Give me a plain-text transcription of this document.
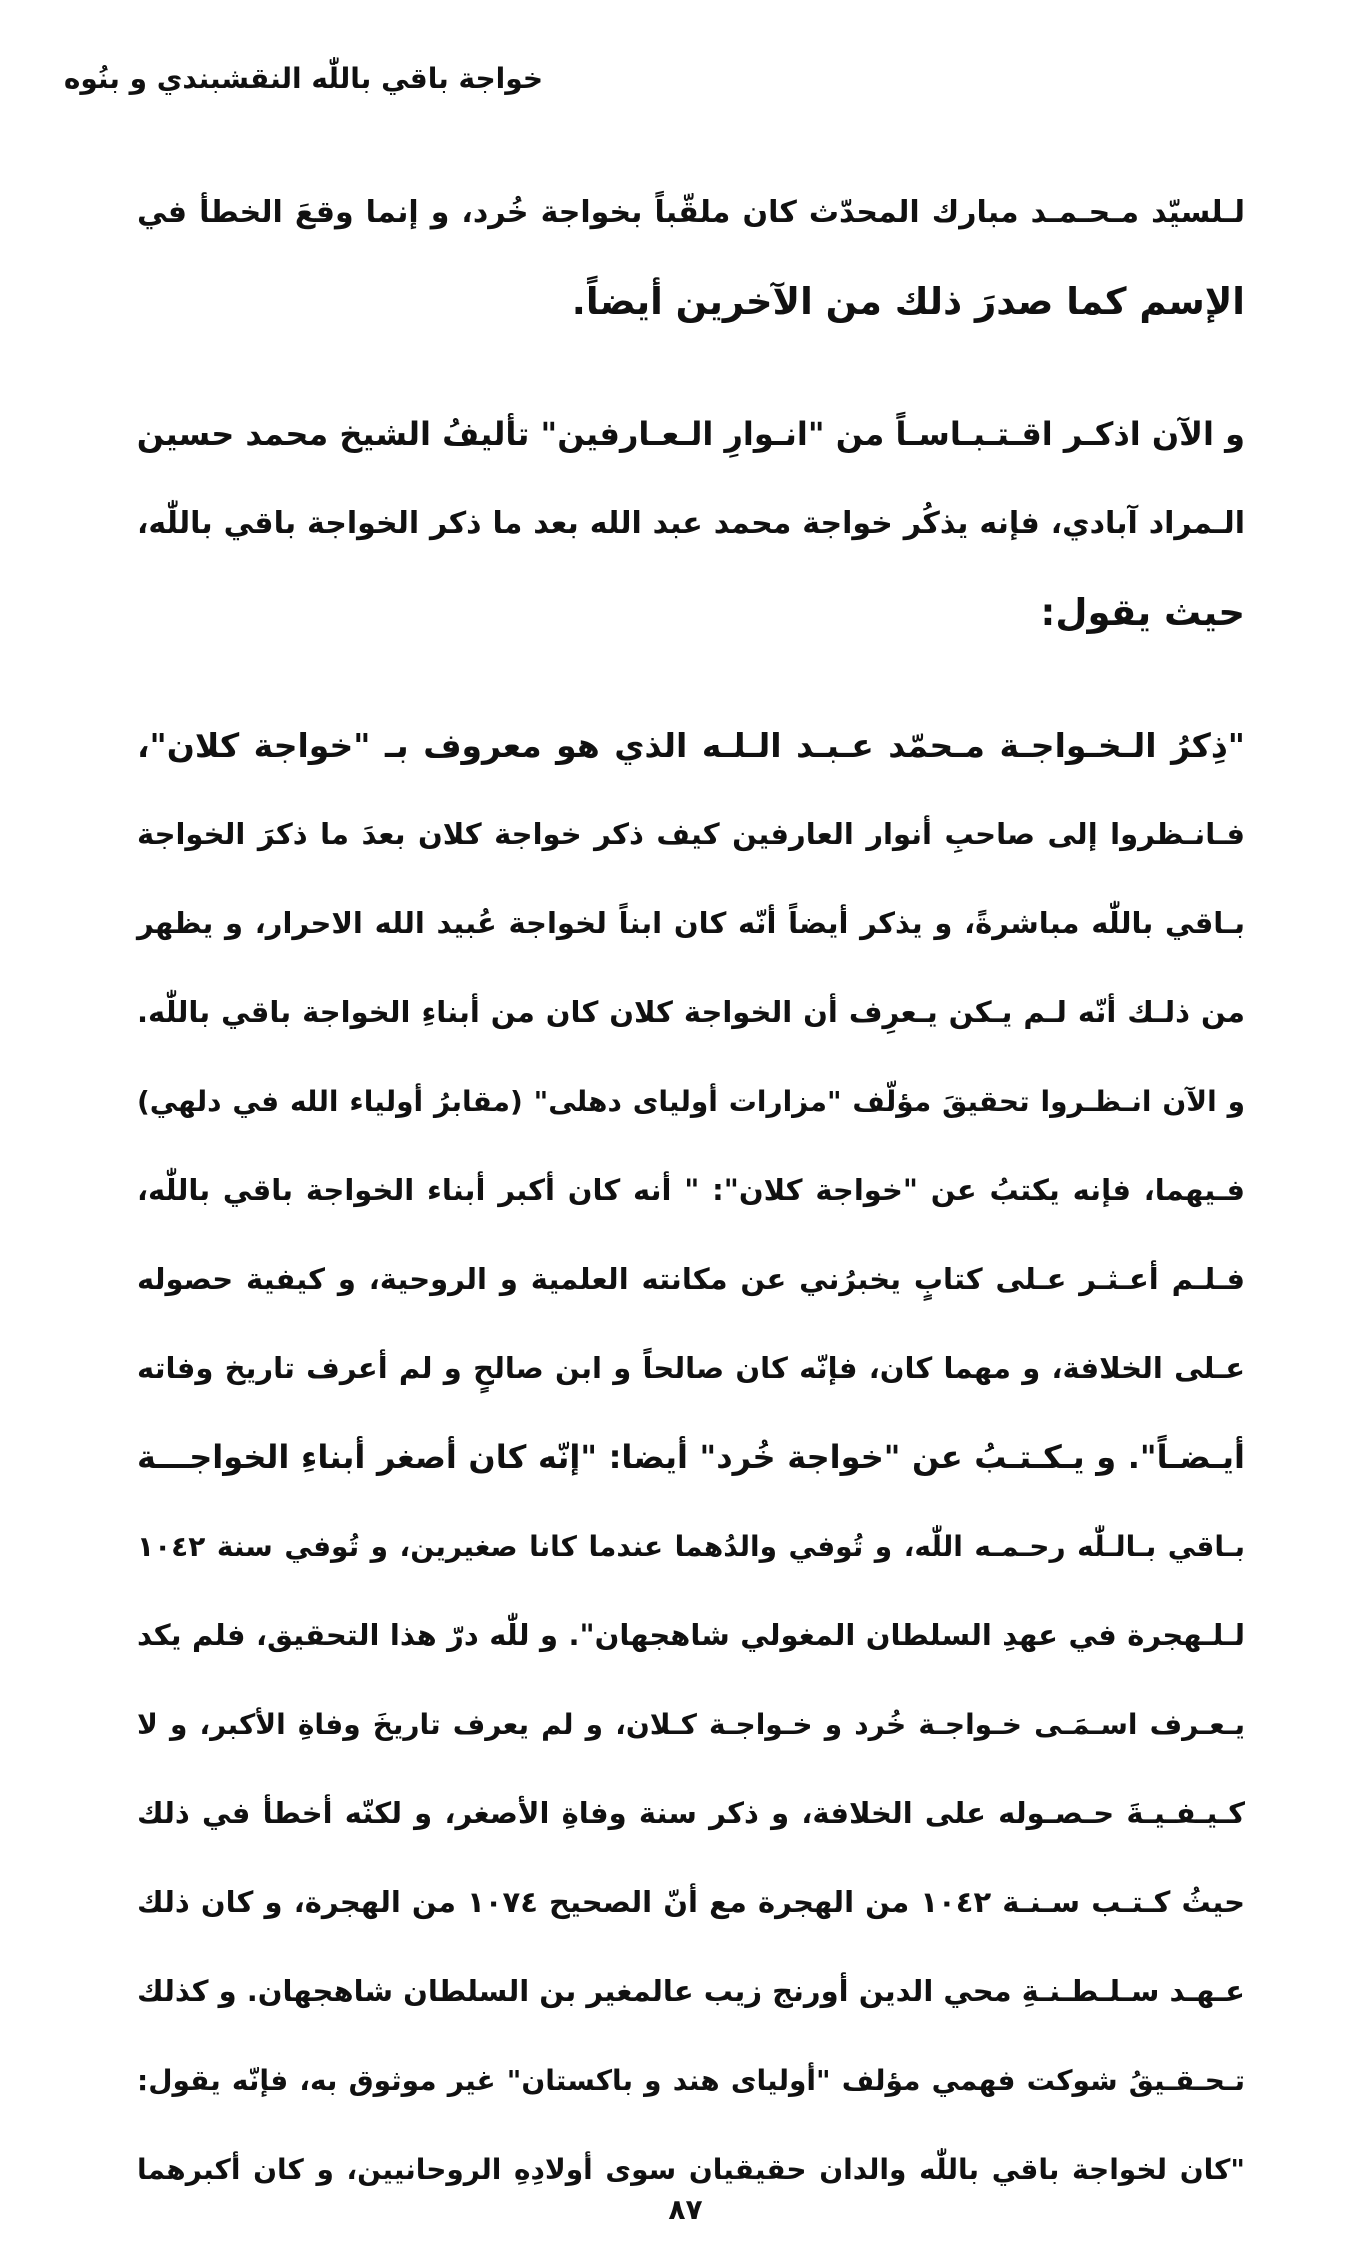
خواجة باقي باللّٰه النقشبندي و بنُوه
لـلسيّد مـحـمـد مبارك المحدّث كان ملقّباً بخواجة خُرد، و إنما وقعَ الخطأ في
الإسم كما صدرَ ذلك من الآخرين أيضاً.
و الآن اذكـر اقـتـبـاسـاً من "انـوارِ الـعـارفين" تأليفُ الشيخ محمد حسين
الـمراد آبادي، فإنه يذكُر خواجة محمد عبد الله بعد ما ذكر الخواجة باقي باللّٰه،
حيث يقول:
"ذِكرُ الـخـواجـة مـحمّد عـبـد الـلـه الذي هو معروف بـ "خواجة كلان"،
فـانـظروا إلى صاحبِ أنوار العارفين كيف ذكر خواجة كلان بعدَ ما ذكرَ الخواجة
بـاقي باللّٰه مباشرةً، و يذكر أيضاً أنّه كان ابناً لخواجة عُبيد الله الاحرار، و يظهر
من ذلـك أنّه لـم يـكن يـعرِف أن الخواجة كلان كان من أبناءِ الخواجة باقي باللّٰه.
و الآن انـظـروا تحقيقَ مؤلّف "مزارات أولياى دهلى" (مقابرُ أولياء الله في دلهي)
فـيهما، فإنه يكتبُ عن "خواجة كلان": " أنه كان أكبر أبناء الخواجة باقي باللّٰه،
فـلـم أعـثـر عـلى كتابٍ يخبرُني عن مكانته العلمية و الروحية، و كيفية حصوله
عـلى الخلافة، و مهما كان، فإنّه كان صالحاً و ابن صالحٍ و لم أعرف تاريخ وفاته
أيـضـاً". و يـكـتـبُ عن "خواجة خُرد" أيضا: "إنّه كان أصغر أبناءِ الخواجـــة
بـاقي بـالـلّٰه رحـمـه اللّٰه، و تُوفي والدُهما عندما كانا صغيرين، و تُوفي سنة ١٠٤٢
لـلـهجرة في عهدِ السلطان المغولي شاهجهان". و للّٰه درّ هذا التحقيق، فلم يكد
يـعـرف اسـمَـى خـواجـة خُرد و خـواجـة كـلان، و لم يعرف تاريخَ وفاةِ الأكبر، و لا
كـيـفـيـةَ حـصـوله على الخلافة، و ذكر سنة وفاةِ الأصغر، و لكنّه أخطأ في ذلك
حيثُ كـتـب سـنـة ١٠٤٢ من الهجرة مع أنّ الصحيح ١٠٧٤ من الهجرة، و كان ذلك
عـهـد سـلـطـنـةِ محي الدين أورنج زيب عالمغير بن السلطان شاهجهان. و كذلك
تـحـقـيقُ شوكت فهمي مؤلف "أولياى هند و باكستان" غير موثوق به، فإنّه يقول:
"كان لخواجة باقي باللّٰه والدان حقيقيان سوى أولادِهِ الروحانيين، و كان أكبرهما
٨٧
